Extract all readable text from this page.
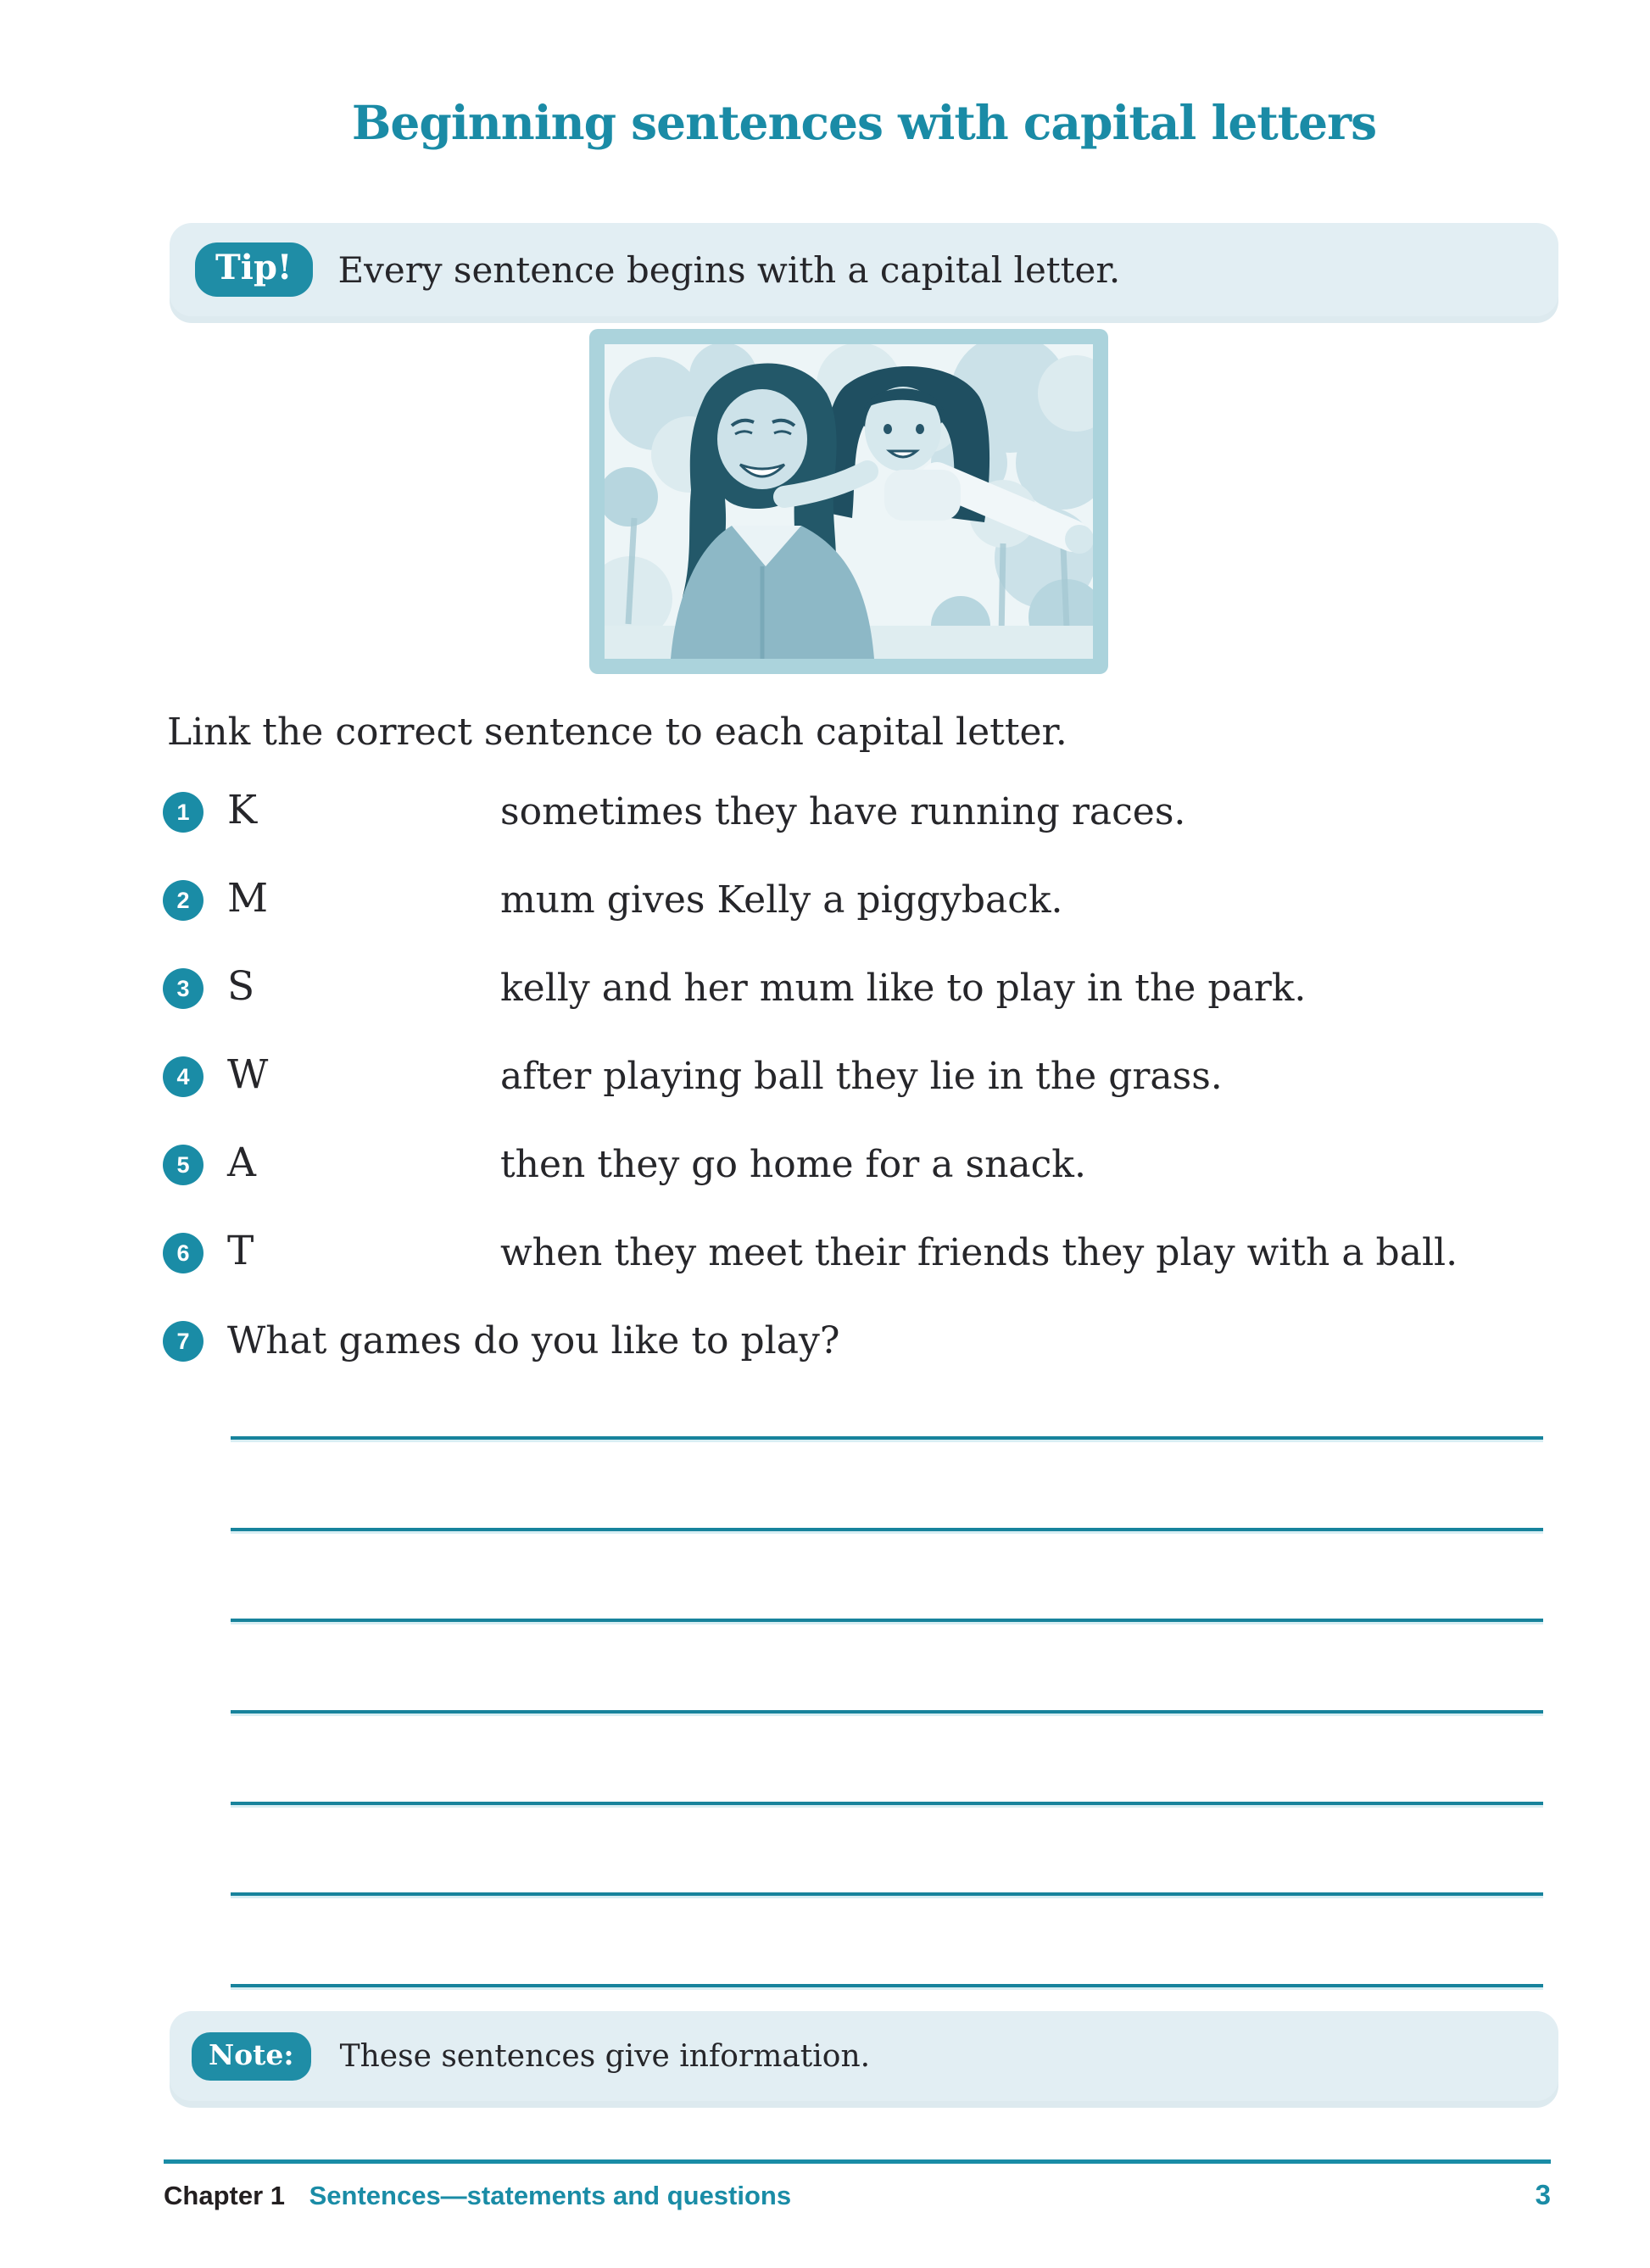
Beginning sentences with capital letters
Tip!	Every sentence begins with a capital letter.

Link the correct sentence to each capital letter.

1 K	sometimes they have running races.
2 M	mum gives Kelly a piggyback.
3 S	kelly and her mum like to play in the park.
4 W	after playing ball they lie in the grass.
5 A	then they go home for a snack.
6 T	when they meet their friends they play with a ball.
7	What games do you like to play?
Note:	These sentences give information.
Chapter 1 Sentences—statements and questions	3
